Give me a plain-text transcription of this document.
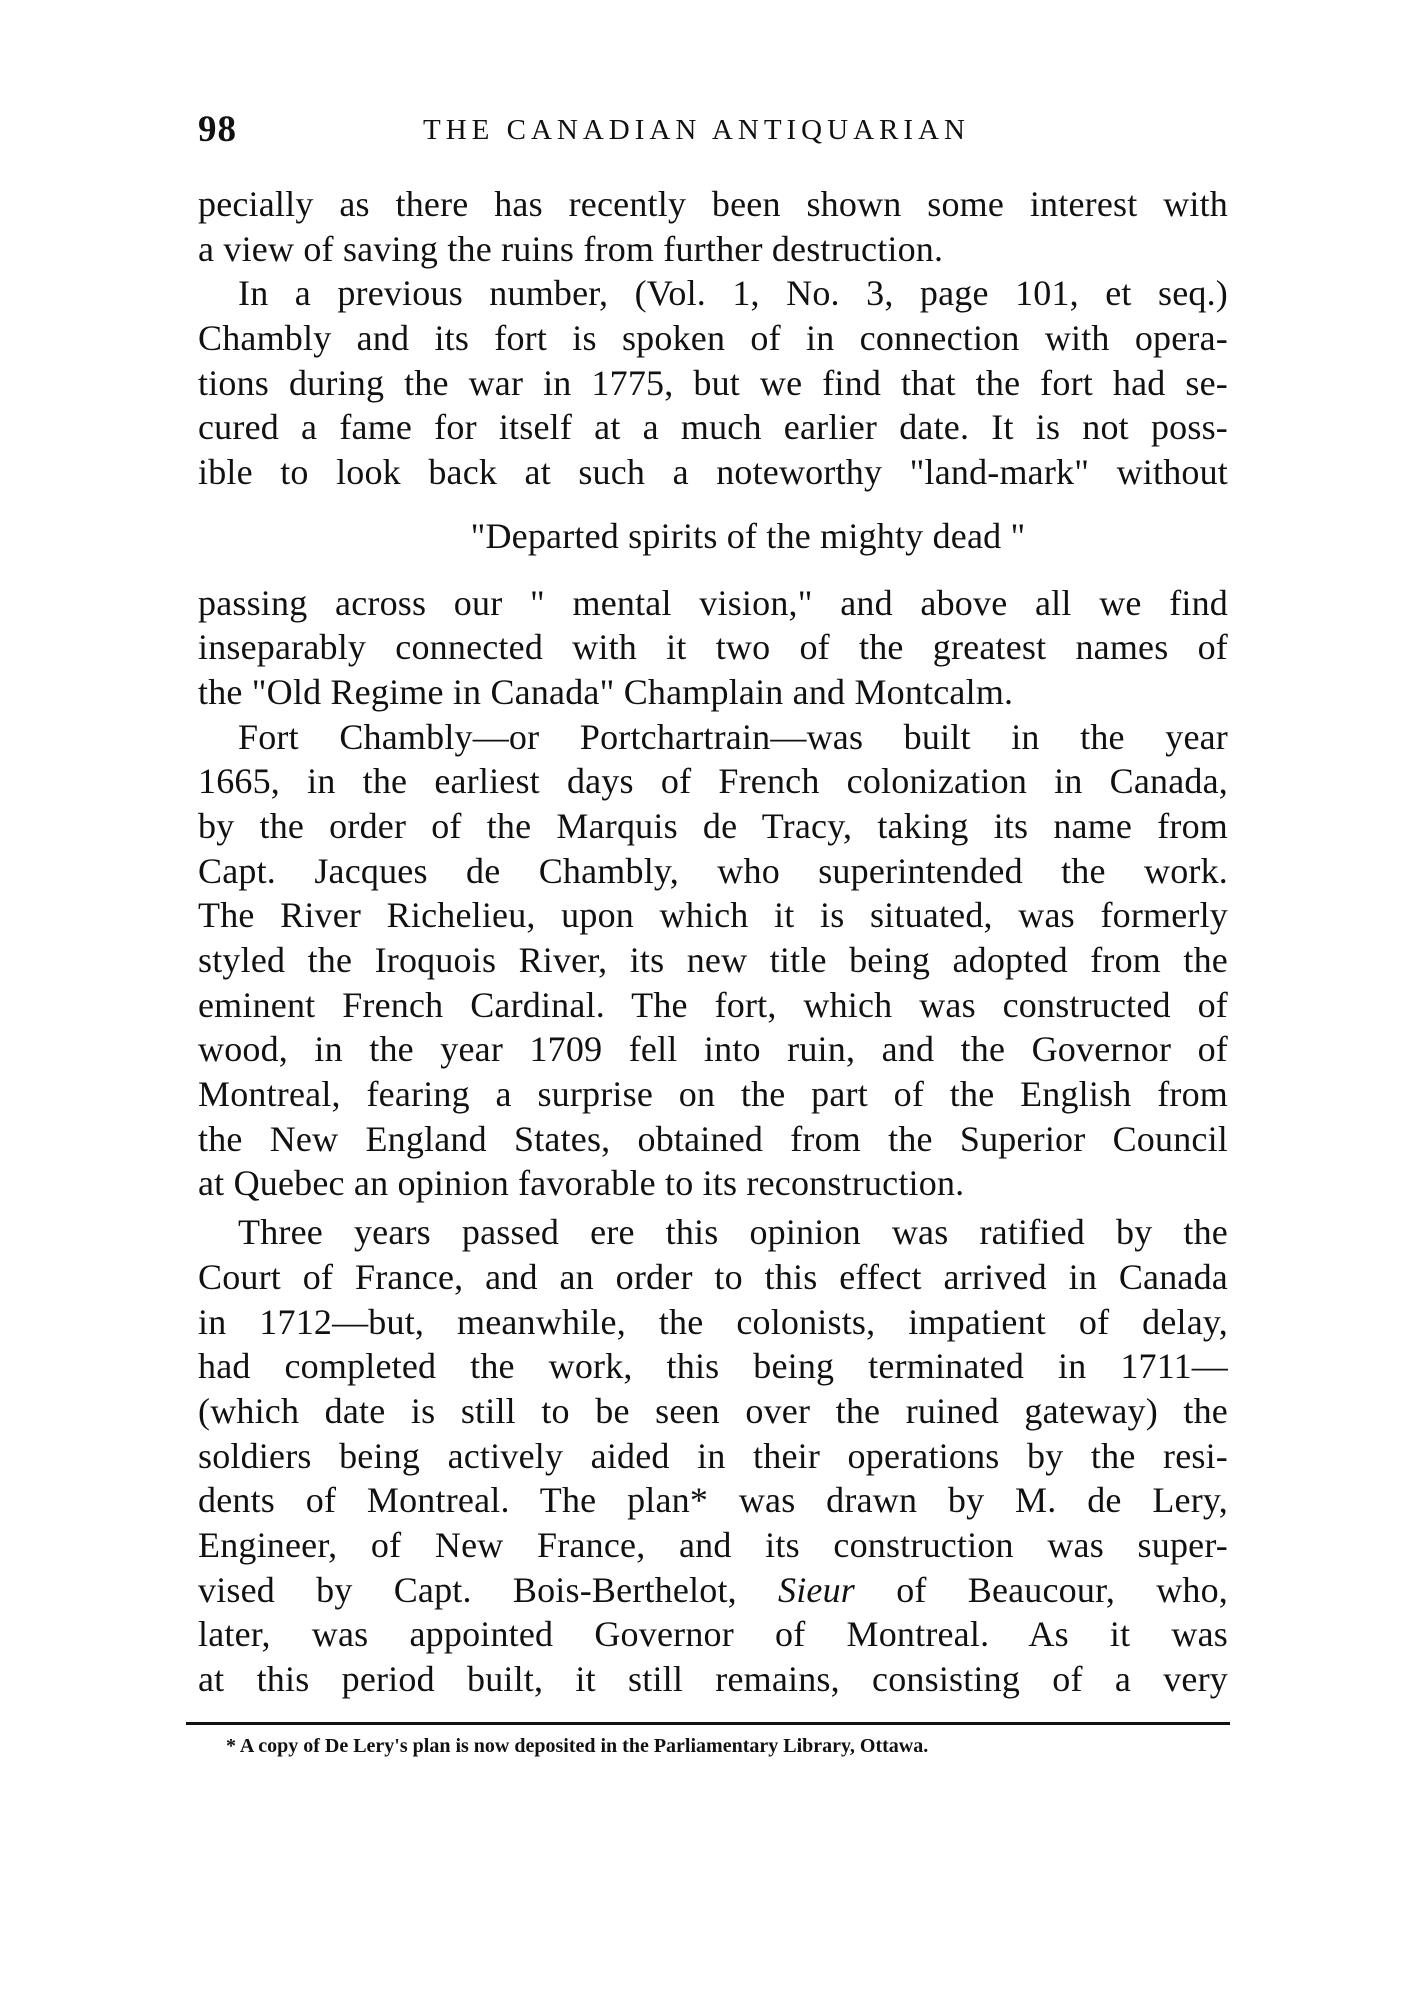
98	THE CANADIAN ANTIQUARIAN
pecially as there has recently been shown some interest with
a view of saving the ruins from further destruction.
In a previous number, (Vol. 1, No. 3, page 101, et seq.)
Chambly and its fort is spoken of in connection with opera-
tions during the war in 1775, but we find that the fort had se-
cured a fame for itself at a much earlier date. It is not poss-
ible to look back at such a noteworthy "land-mark" without
"Departed spirits of the mighty dead "
passing across our " mental vision," and above all we find
inseparably connected with it two of the greatest names of
the "Old Regime in Canada" Champlain and Montcalm.
Fort Chambly—or Portchartrain—was built in the year
1665, in the earliest days of French colonization in Canada,
by the order of the Marquis de Tracy, taking its name from
Capt. Jacques de Chambly, who superintended the work.
The River Richelieu, upon which it is situated, was formerly
styled the Iroquois River, its new title being adopted from the
eminent French Cardinal. The fort, which was constructed of
wood, in the year 1709 fell into ruin, and the Governor of
Montreal, fearing a surprise on the part of the English from
the New England States, obtained from the Superior Council
at Quebec an opinion favorable to its reconstruction.
Three years passed ere this opinion was ratified by the
Court of France, and an order to this effect arrived in Canada
in 1712—but, meanwhile, the colonists, impatient of delay,
had completed the work, this being terminated in 1711—
(which date is still to be seen over the ruined gateway) the
soldiers being actively aided in their operations by the resi-
dents of Montreal. The plan* was drawn by M. de Lery,
Engineer, of New France, and its construction was super-
vised by Capt. Bois-Berthelot, Sieur of Beaucour, who,
later, was appointed Governor of Montreal. As it was
at this period built, it still remains, consisting of a very
* A copy of De Lery's plan is now deposited in the Parliamentary Library, Ottawa.
